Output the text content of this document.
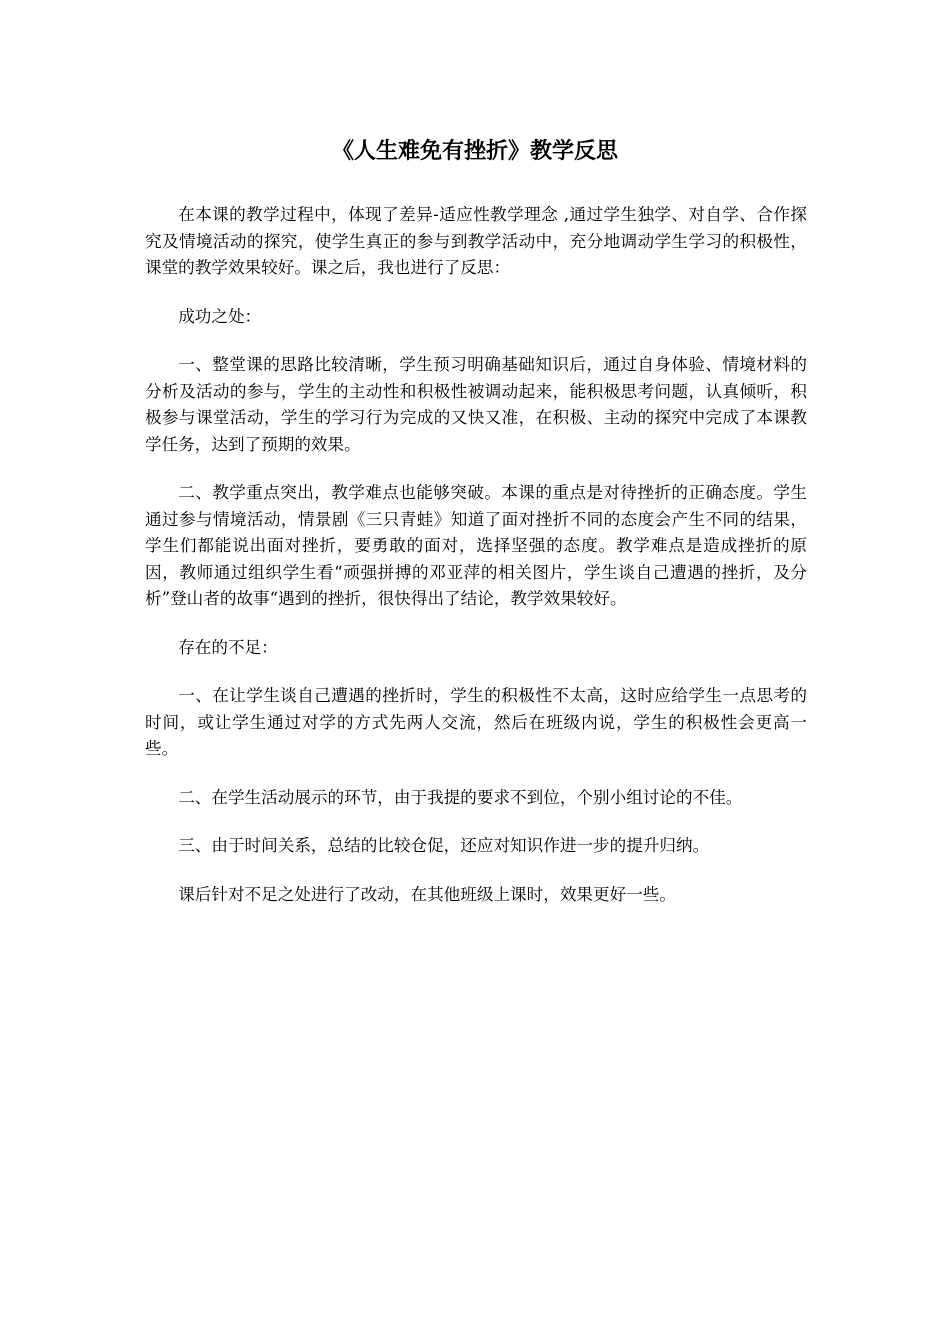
《人生难免有挫折》教学反思

在本课的教学过程中，体现了差异-适应性教学理念 ,通过学生独学、对自学、合作探究及情境活动的探究，使学生真正的参与到教学活动中，充分地调动学生学习的积极性，课堂的教学效果较好。课之后，我也进行了反思：

成功之处：

一、整堂课的思路比较清晰，学生预习明确基础知识后，通过自身体验、情境材料的分析及活动的参与，学生的主动性和积极性被调动起来，能积极思考问题，认真倾听，积极参与课堂活动，学生的学习行为完成的又快又准，在积极、主动的探究中完成了本课教学任务，达到了预期的效果。

二、教学重点突出，教学难点也能够突破。本课的重点是对待挫折的正确态度。学生通过参与情境活动，情景剧《三只青蛙》知道了面对挫折不同的态度会产生不同的结果，学生们都能说出面对挫折，要勇敢的面对，选择坚强的态度。教学难点是造成挫折的原因，教师通过组织学生看“顽强拼搏的邓亚萍的相关图片，学生谈自己遭遇的挫折，及分析”登山者的故事“遇到的挫折，很快得出了结论，教学效果较好。

存在的不足：

一、在让学生谈自己遭遇的挫折时，学生的积极性不太高，这时应给学生一点思考的时间，或让学生通过对学的方式先两人交流，然后在班级内说，学生的积极性会更高一些。

二、在学生活动展示的环节，由于我提的要求不到位，个别小组讨论的不佳。

三、由于时间关系，总结的比较仓促，还应对知识作进一步的提升归纳。

课后针对不足之处进行了改动，在其他班级上课时，效果更好一些。
